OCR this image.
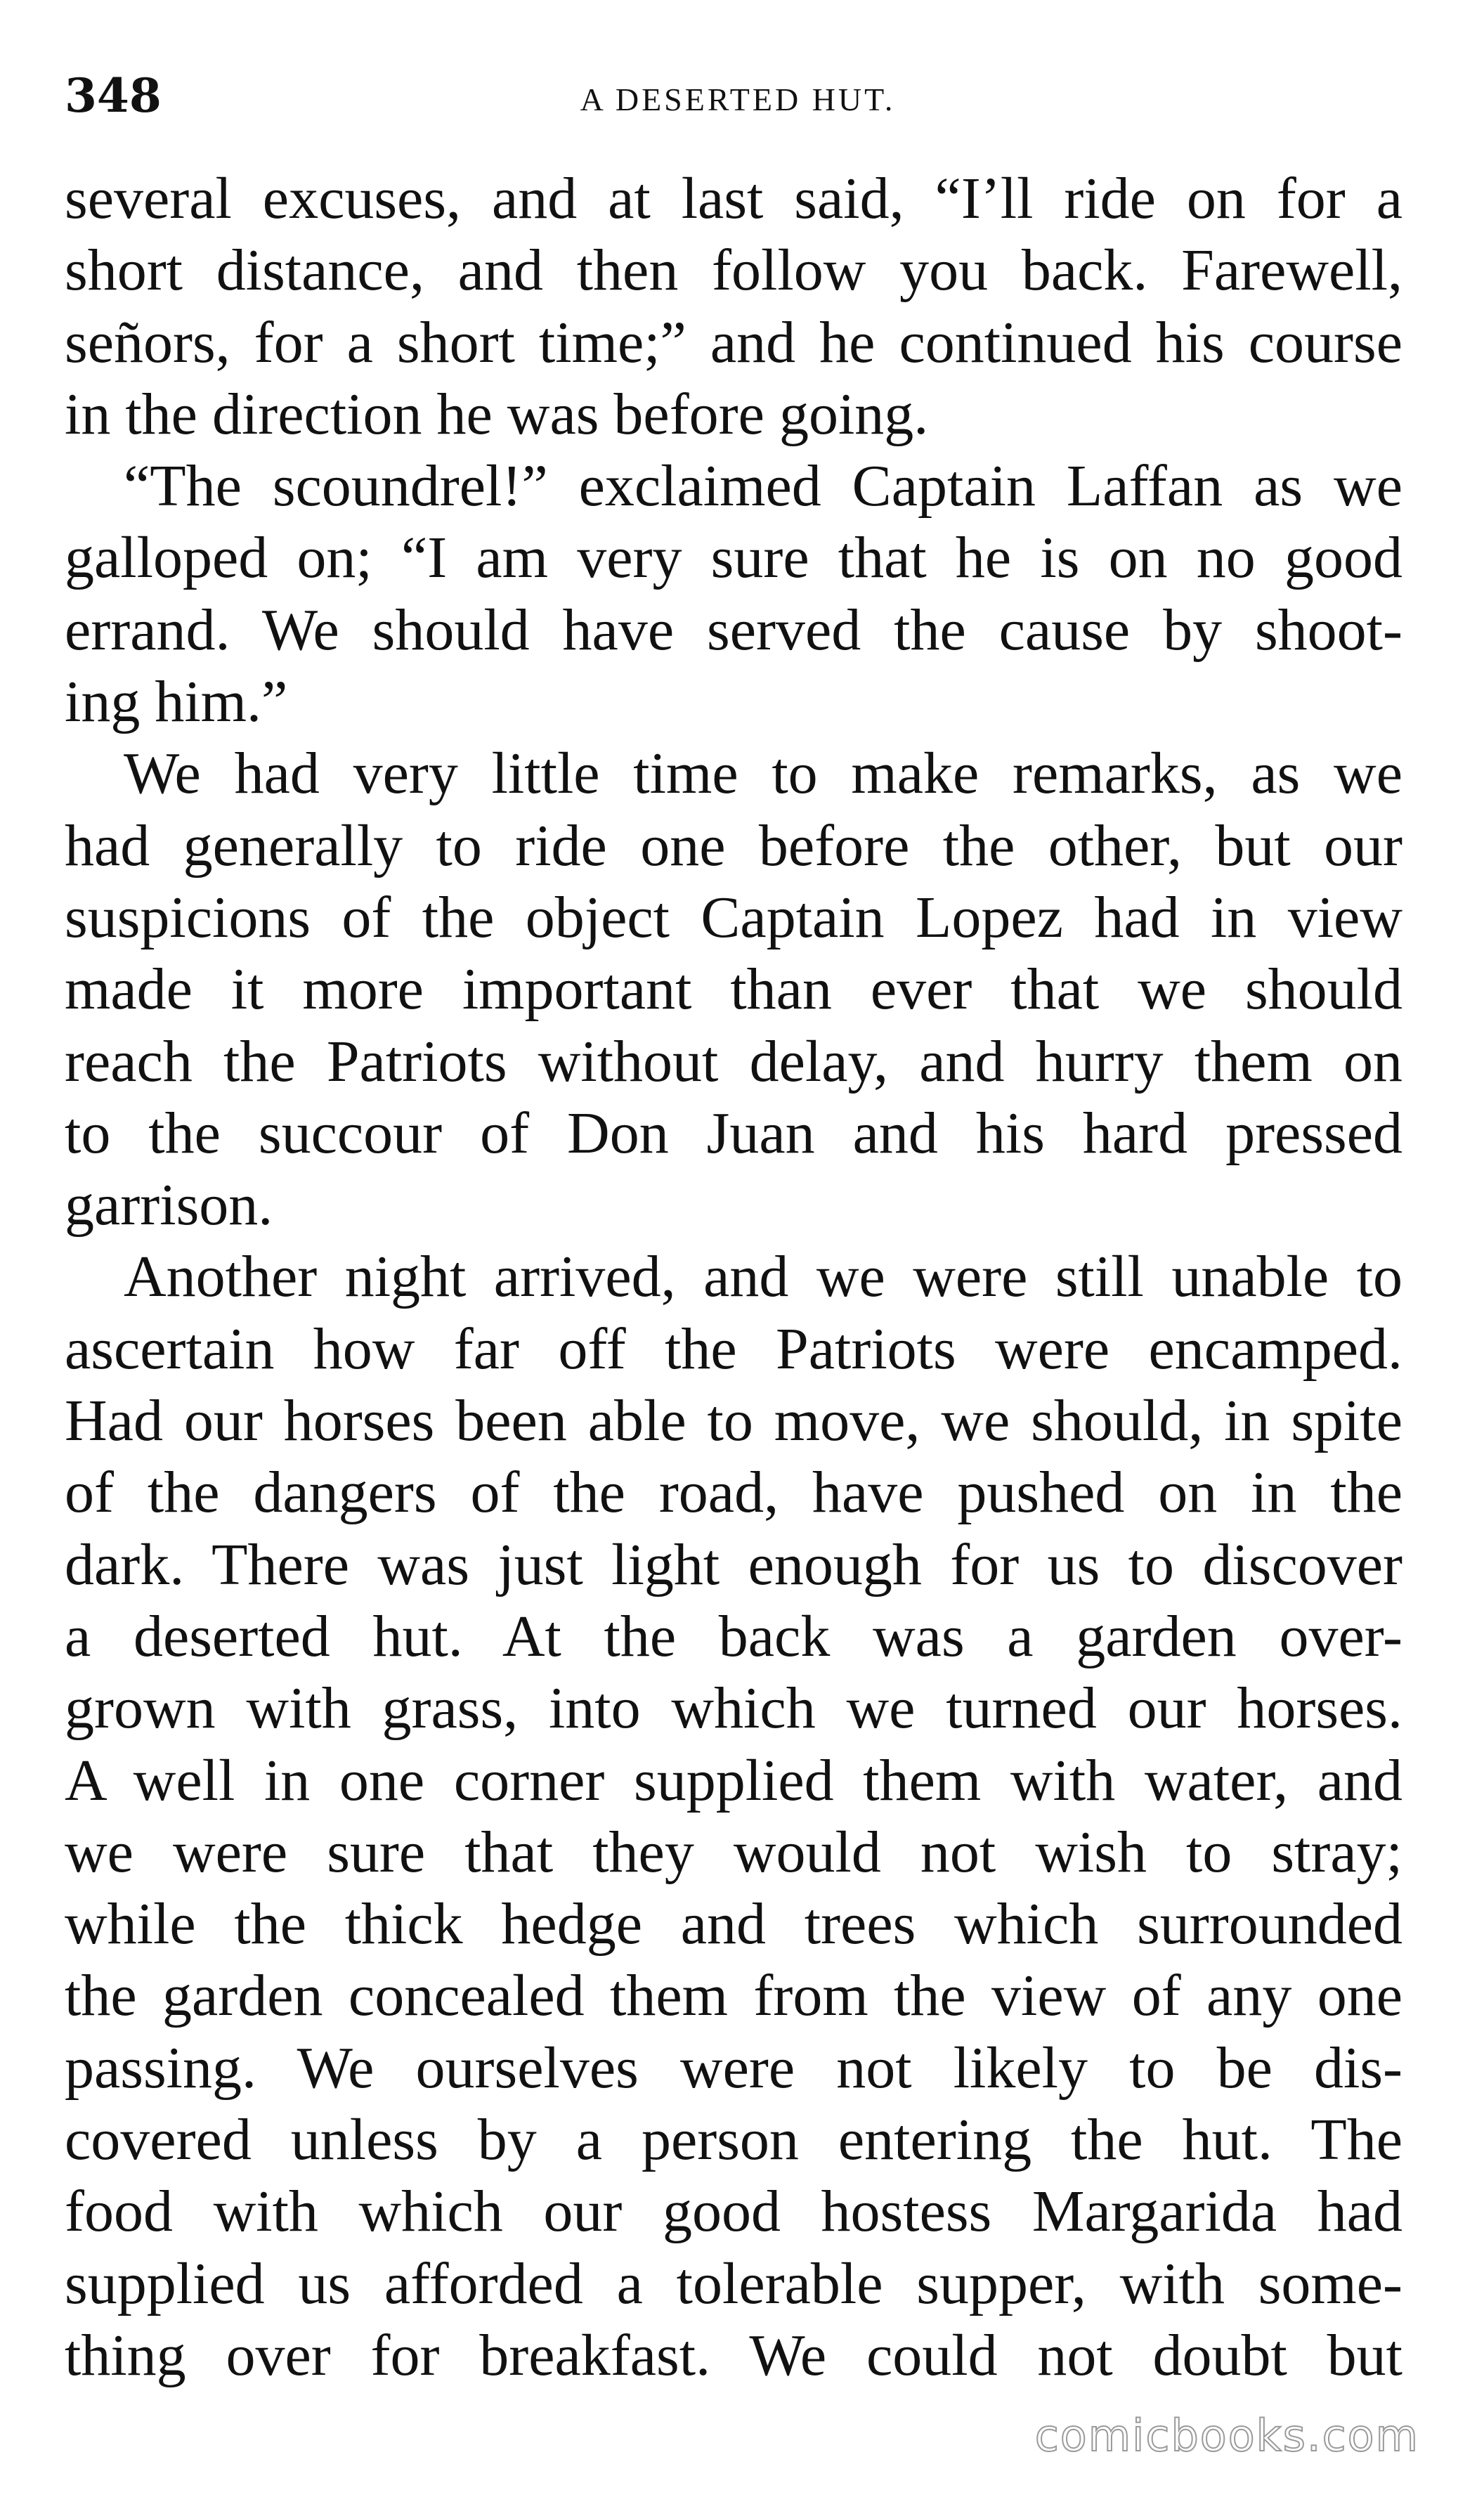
348	A DESERTED HUT.

several excuses, and at last said, “I’ll ride on for a
short distance, and then follow you back. Farewell,
señors, for a short time;” and he continued his course
in the direction he was before going.

“The scoundrel!” exclaimed Captain Laffan as we
galloped on; “I am very sure that he is on no good
errand. We should have served the cause by shoot-
ing him.”

We had very little time to make remarks, as we
had generally to ride one before the other, but our
suspicions of the object Captain Lopez had in view
made it more important than ever that we should
reach the Patriots without delay, and hurry them on
to the succour of Don Juan and his hard pressed
garrison.

Another night arrived, and we were still unable to
ascertain how far off the Patriots were encamped.
Had our horses been able to move, we should, in spite
of the dangers of the road, have pushed on in the
dark. There was just light enough for us to discover
a deserted hut. At the back was a garden over-
grown with grass, into which we turned our horses.
A well in one corner supplied them with water, and
we were sure that they would not wish to stray;
while the thick hedge and trees which surrounded
the garden concealed them from the view of any one
passing. We ourselves were not likely to be dis-
covered unless by a person entering the hut. The
food with which our good hostess Margarida had
supplied us afforded a tolerable supper, with some-
thing over for breakfast. We could not doubt but

comicbooks.com
